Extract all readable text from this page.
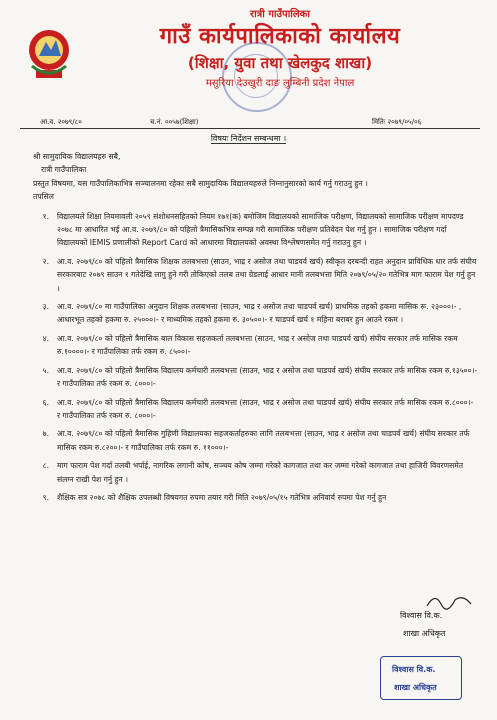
रात्री गाउँपालिका
गाउँ कार्यपालिकाको कार्यालय
(शिक्षा, युवा तथा खेलकुद शाखा)
मसुरिया देउखुरी दाङ लुम्बिनी प्रदेश नेपाल
आ.व. २०७९/८०	च.नं. ००५७(शिक्षा)	मितिः २०७९/०५/०६
विषयः निर्देशन सम्बन्धमा ।

श्री सामुदायिक विद्यालयहरु सबै,

रात्री गाउँपालिका

प्रस्तुत विषयमा, यस गाउँपालिकाभित्र सञ्चालनमा रहेका सबै सामुदायिक विद्यालयहरुले निम्नानुसारको कार्य गर्नु गराउनु हुन ।

तपसिल

१. विद्यालयले शिक्षा नियमावली २०५९ संशोधनसहितको नियम १७१(क) बमोजिम विद्यालयको सामाजिक परीक्षण, विद्यालयको सामाजिक परीक्षण मापदण्ड २०७८ मा आधारित भई आ.व. २०७९/८० को पहिलो त्रैमासिकभित्र सम्पन्न गरी सामाजिक परीक्षण प्रतिवेदन पेश गर्नु हुन । सामाजिक परीक्षण गर्दा विद्यालयको IEMIS प्रणालीको Report Card को आधारमा विद्यालयको अवस्था विश्लेषणसमेत गर्नु गराउनु हुन ।
२. आ.व. २०७९/८० को पहिलो त्रैमासिक शिक्षक तलबभत्ता (साउन, भाद्र र असोज तथा चाडवर्व खर्च) स्वीकृत दरबन्दी राहत अनुदान प्राविधिक धार तर्फ संघीय सरकारबाट २०७९ साउन १ गतेदेखि लागु हुने गरी तोकिएको तलब तथा ग्रेडलाई आधार मानी तलबभत्ता मिति २०७९/०५/२० गतेभित्र माग फाराम पेश गर्नु हुन ।
३. आ.व. २०७९/८० मा गाउँपालिका अनुदान शिक्षक तलबभत्ता (साउन, भाद्र र असोज तथा चाडपर्व खर्च) प्राथमिक तहको हकमा मासिक रू. २३०००।- , आधारभूत तहको हकमा रु. २५०००।- र माध्यमिक तहको हकमा रु. ३०५००।- र चाडपर्व खर्च १ महिना बराबर हुन आउने रकम ।
४. आ.व. २०७९/८० को पहिलो त्रैमासिक बाल विकास सहजकर्ता तलबभत्ता (साउन, भाद्र र असोज तथा चाडपर्व खर्च) संघीय सरकार तर्फ मासिक रकम रु.१००००।- र गाउँपालिका तर्फ रकम रु. ८५००।-
५. आ.व. २०७९/८० को पहिलो त्रैमासिक विद्यालय कर्मचारी तलबभत्ता (साउन, भाद्र र असोज तथा चाडपर्व खर्च) संघीय सरकार तर्फ मासिक रकम रु.१३५००।- र गाउँपालिका तर्फ रकम रु. ८०००।-
६. आ.व. २०७९/८० को पहिलो त्रैमासिक विद्यालय कर्मचारी तलबभत्ता (साउन, भाद्र र असोज तथा चाडपर्व खर्च) संघीय सरकार तर्फ मासिक रकम रु.८०००।- र गाउँपालिका तर्फ रकम रु. ८०००।-
७. आ.व. २०७९/८० को पहिलो त्रैमासिक गुहिणी विद्यालयका सहजकर्ताहरुका लागि तलबभत्ता (साउन, भाद्र र असोज तथा चाडपर्व खर्च) संघीय सरकार तर्फ मासिक रकम रु.८२००।- र गाउँपालिका तर्फ रकम रु. ११०००।-
८. माग फाराम पेश गर्दा तलबी भर्पाई, नागरिक लगानी कोष, सञ्चय कोष जम्मा गरेको कागजात तथा कर जम्मा गरेको कागजात तथा हाजिरी विवरणसमेत संलग्न राखी पेश गर्नु हुन ।
९. शैक्षिक सत्र २०७८ को शैक्षिक उपलब्धी विषयगत रुपमा तयार गरी मिति २०७९/०५/१५ गतेभित्र अनिवार्य रुपमा पेश गर्नु हुन
विश्वास वि.क.
शाखा अधिकृत
विश्वास वि.क.
शाखा अधिकृत
